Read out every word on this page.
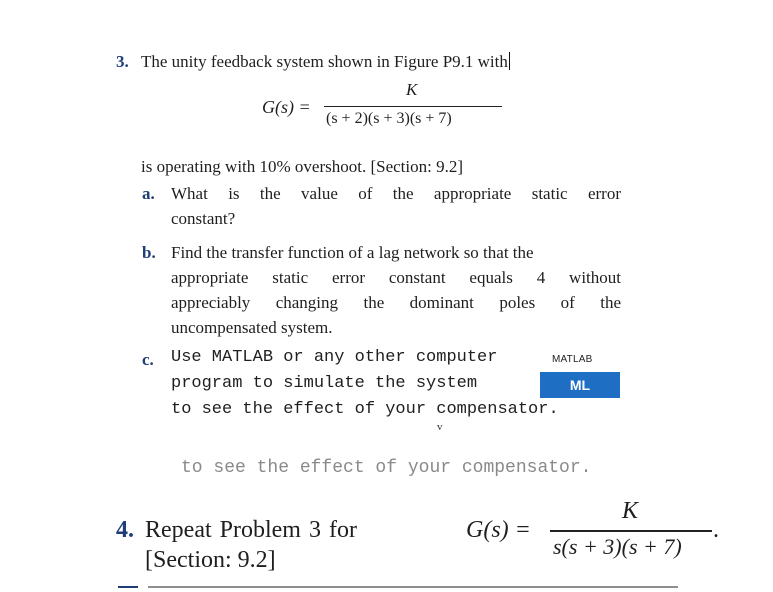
3. The unity feedback system shown in Figure P9.1 with
G(s) =
K
(s + 2)(s + 3)(s + 7)
is operating with 10% overshoot. [Section: 9.2]
a. What is the value of the appropriate static error
constant?
b. Find the transfer function of a lag network so that the
appropriate static error constant equals 4 without
appreciably changing the dominant poles of the
uncompensated system.
c. Use MATLAB or any other computer
program to simulate the system
to see the effect of your compensator.
MATLAB
ML
v
to see the effect of your compensator.
4. Repeat Problem 3 for	G(s) =
K
s(s + 3)(s + 7)
.
[Section: 9.2]
